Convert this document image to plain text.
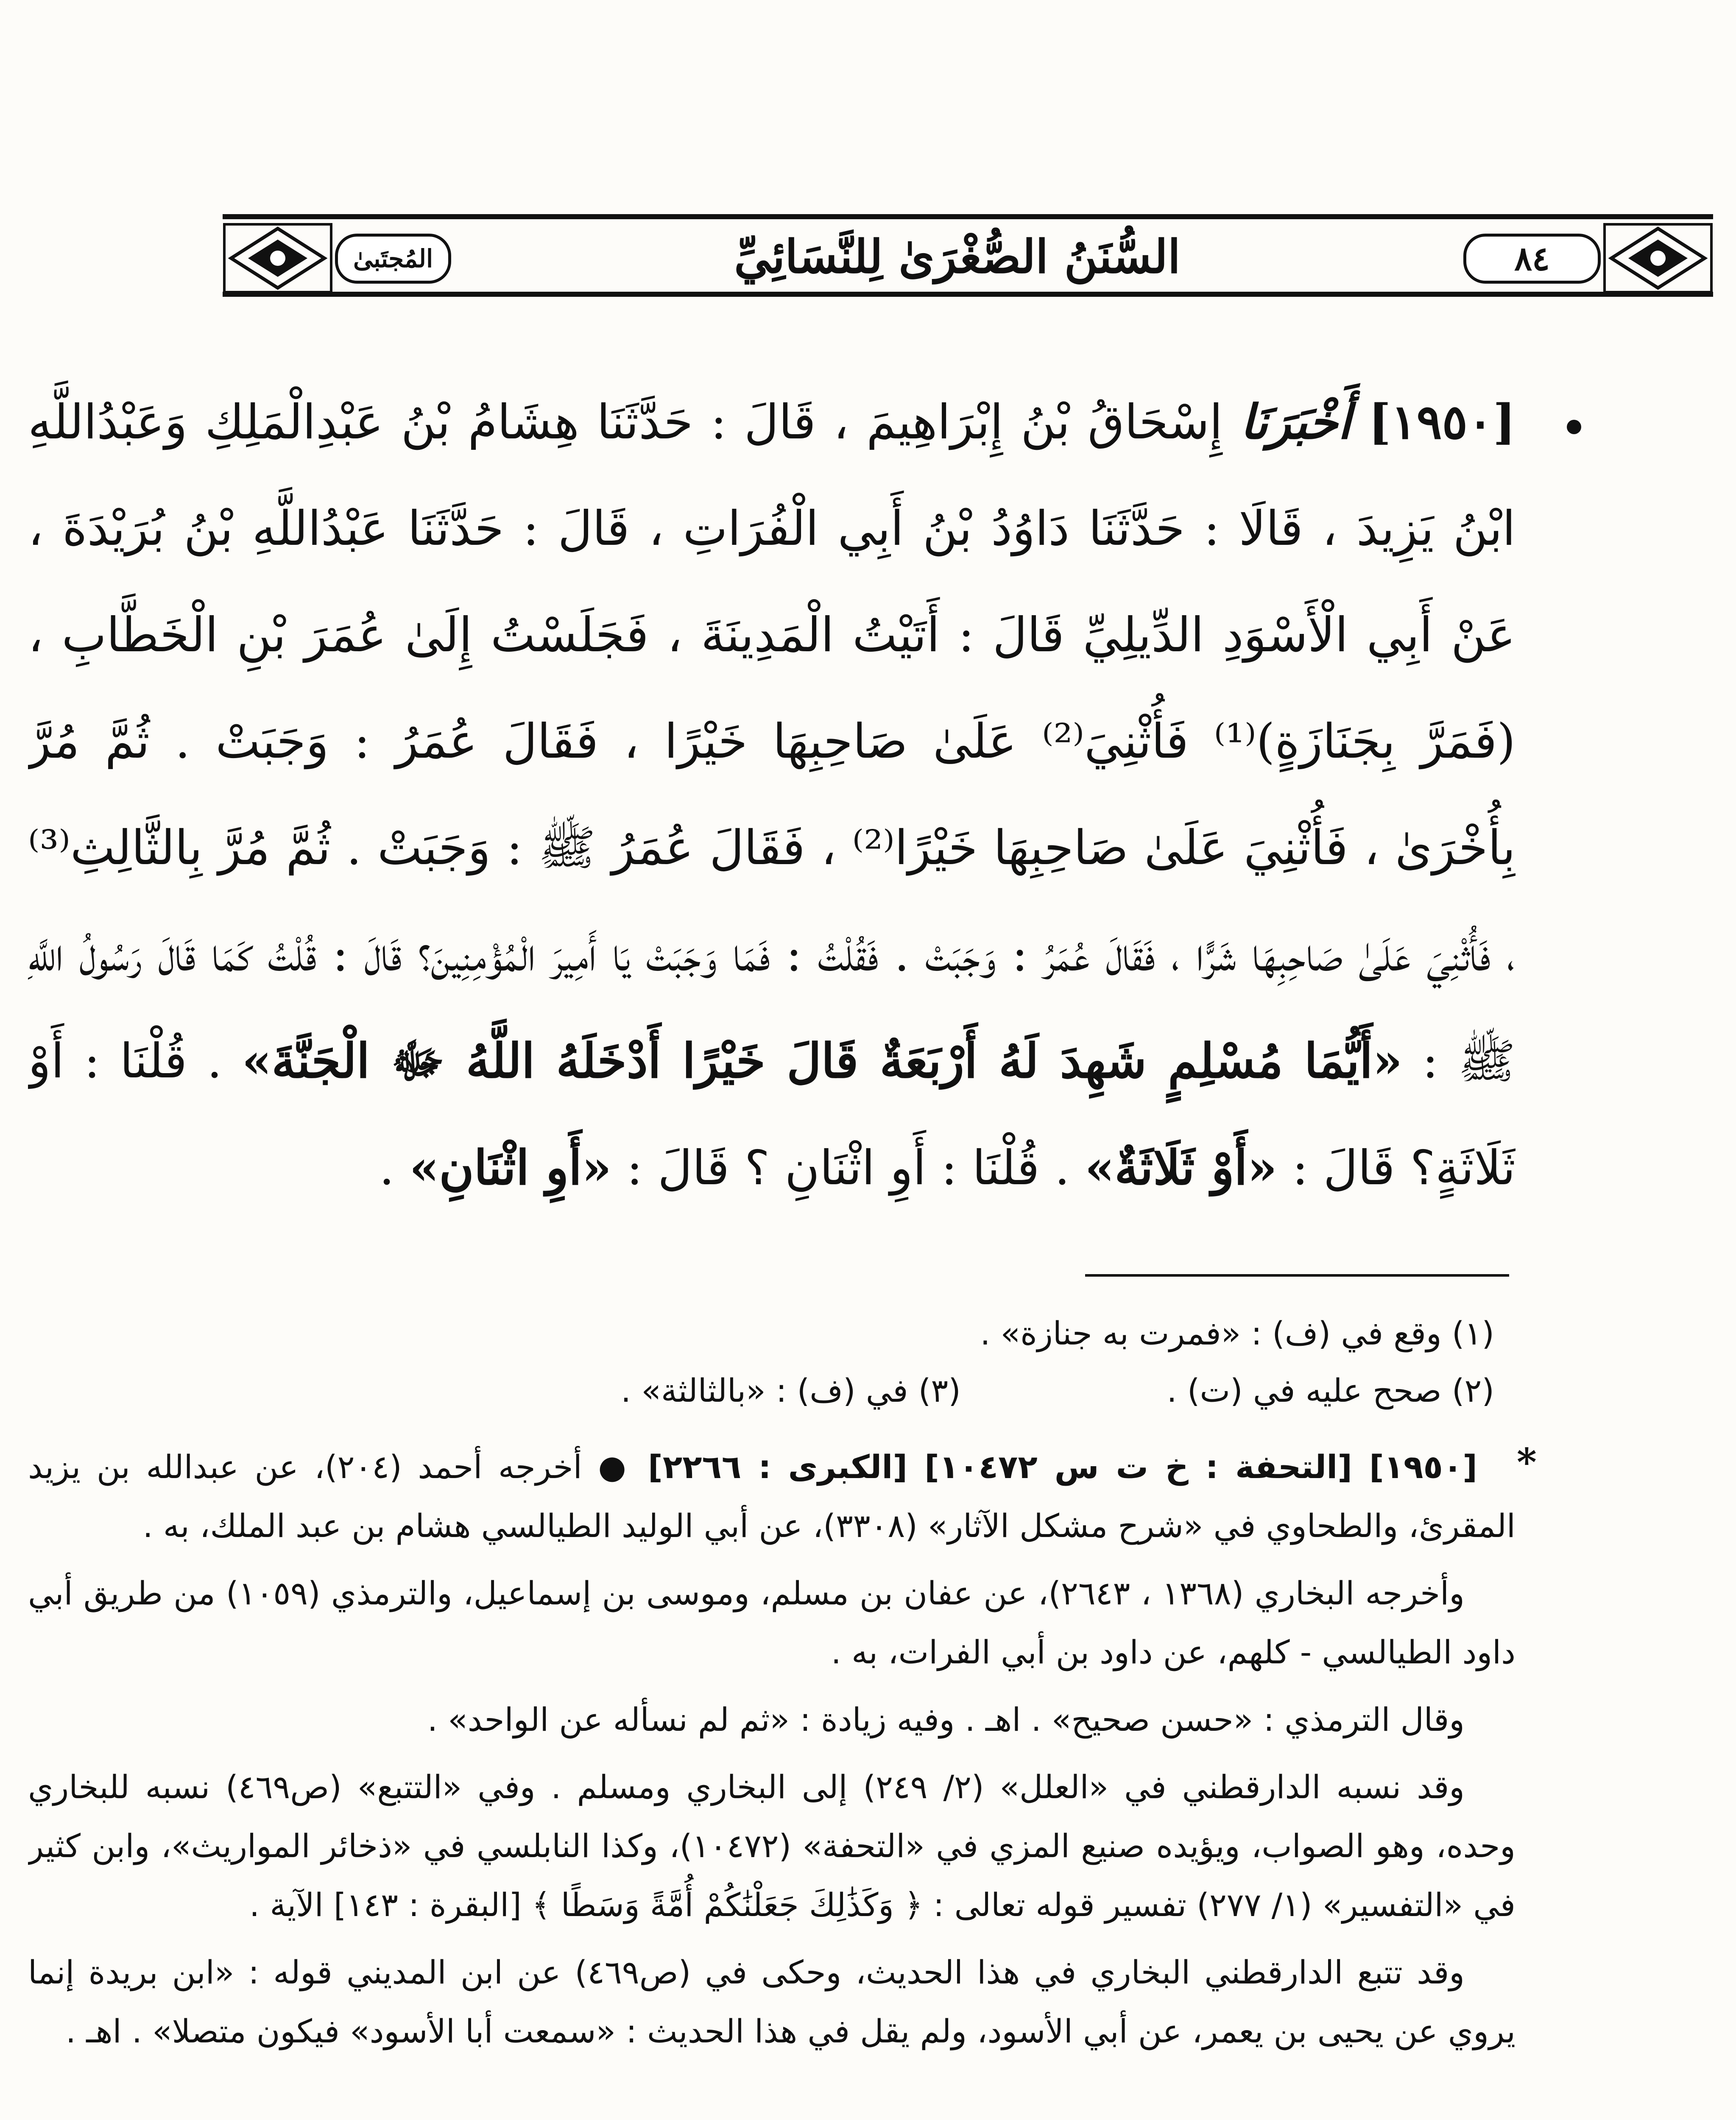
٨٤
المُجتَبىٰ	السُّنَنُ الصُّغْرَىٰ لِلنَّسَائِيِّ
[١٩٥٠] أَخْبَرَنَا إِسْحَاقُ بْنُ إِبْرَاهِيمَ ، قَالَ : حَدَّثَنَا هِشَامُ بْنُ عَبْدِالْمَلِكِ وَعَبْدُاللَّهِ ابْنُ يَزِيدَ ، قَالَا : حَدَّثَنَا دَاوُدُ بْنُ أَبِي الْفُرَاتِ ، قَالَ : حَدَّثَنَا عَبْدُاللَّهِ بْنُ بُرَيْدَةَ ، عَنْ أَبِي الْأَسْوَدِ الدِّيلِيِّ قَالَ : أَتَيْتُ الْمَدِينَةَ ، فَجَلَسْتُ إِلَىٰ عُمَرَ بْنِ الْخَطَّابِ ، (فَمَرَّ بِجَنَازَةٍ)⁽¹⁾ فَأُثْنِيَ⁽²⁾ عَلَىٰ صَاحِبِهَا خَيْرًا ، فَقَالَ عُمَرُ : وَجَبَتْ . ثُمَّ مُرَّ بِأُخْرَىٰ ، فَأُثْنِيَ عَلَىٰ صَاحِبِهَا خَيْرًا⁽²⁾ ، فَقَالَ عُمَرُ ﷺ : وَجَبَتْ . ثُمَّ مُرَّ بِالثَّالِثِ⁽³⁾ ، فَأُثْنِيَ عَلَىٰ صَاحِبِهَا شَرًّا ، فَقَالَ عُمَرُ : وَجَبَتْ . فَقُلْتُ : فَمَا وَجَبَتْ يَا أَمِيرَ الْمُؤْمِنِينَ؟ قَالَ : قُلْتُ كَمَا قَالَ رَسُولُ اللَّهِ ﷺ : «أَيُّمَا مُسْلِمٍ شَهِدَ لَهُ أَرْبَعَةٌ قَالَ خَيْرًا أَدْخَلَهُ اللَّهُ ﷻ الْجَنَّةَ» . قُلْنَا : أَوْ ثَلَاثَةٍ؟ قَالَ : «أَوْ ثَلَاثَةٌ» . قُلْنَا : أَوِ اثْنَانِ ؟ قَالَ : «أَوِ اثْنَانِ» .
(١) وقع في (ف) : «فمرت به جنازة» .
(٢) صحح عليه في (ت) .
(٣) في (ف) : «بالثالثة» .
*

[١٩٥٠] [التحفة : خ ت س ١٠٤٧٢] [الكبرى : ٢٢٦٦] ● أخرجه أحمد (٢٠٤)، عن عبدالله بن يزيد المقرئ، والطحاوي في «شرح مشكل الآثار» (٣٣٠٨)، عن أبي الوليد الطيالسي هشام بن عبد الملك، به .

وأخرجه البخاري (١٣٦٨ ، ٢٦٤٣)، عن عفان بن مسلم، وموسى بن إسماعيل، والترمذي (١٠٥٩) من طريق أبي داود الطيالسي - كلهم، عن داود بن أبي الفرات، به .

وقال الترمذي : «حسن صحيح» . اهـ . وفيه زيادة : «ثم لم نسأله عن الواحد» .

وقد نسبه الدارقطني في «العلل» (٢/ ٢٤٩) إلى البخاري ومسلم . وفي «التتبع» (ص٤٦٩) نسبه للبخاري وحده، وهو الصواب، ويؤيده صنيع المزي في «التحفة» (١٠٤٧٢)، وكذا النابلسي في «ذخائر المواريث»، وابن كثير في «التفسير» (١/ ٢٧٧) تفسير قوله تعالى : ﴿ وَكَذَٰلِكَ جَعَلْنَٰكُمْ أُمَّةً وَسَطًا ﴾ [البقرة : ١٤٣] الآية .

وقد تتبع الدارقطني البخاري في هذا الحديث، وحكى في (ص٤٦٩) عن ابن المديني قوله : «ابن بريدة إنما يروي عن يحيى بن يعمر، عن أبي الأسود، ولم يقل في هذا الحديث : «سمعت أبا الأسود» فيكون متصلا» . اهـ .
